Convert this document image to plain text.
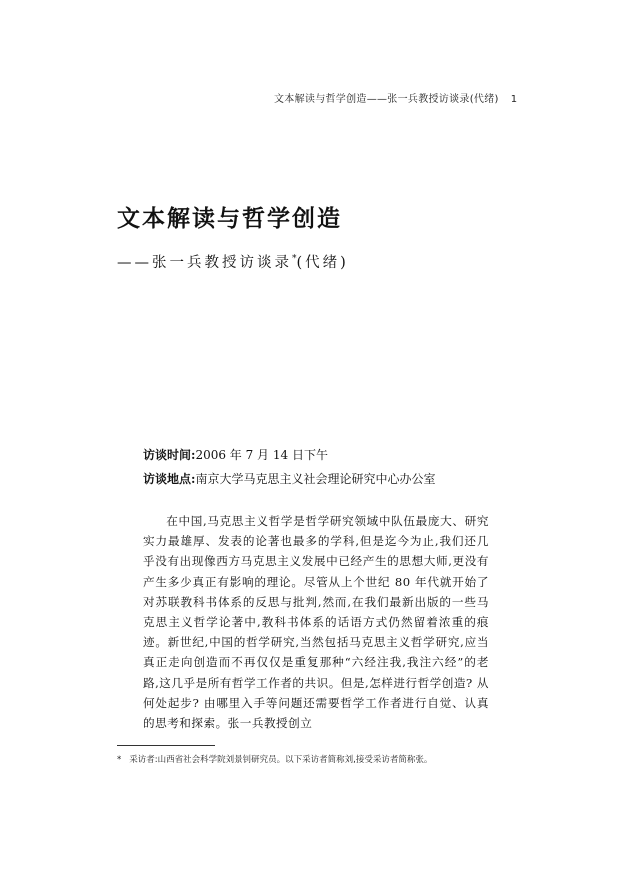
文本解读与哲学创造——张一兵教授访谈录(代绪) 1
文本解读与哲学创造
——张一兵教授访谈录*(代绪)
访谈时间:2006 年 7 月 14 日下午
访谈地点:南京大学马克思主义社会理论研究中心办公室

在中国,马克思主义哲学是哲学研究领域中队伍最庞大、研究实力最雄厚、发表的论著也最多的学科,但是迄今为止,我们还几乎没有出现像西方马克思主义发展中已经产生的思想大师,更没有产生多少真正有影响的理论。尽管从上个世纪 80 年代就开始了对苏联教科书体系的反思与批判,然而,在我们最新出版的一些马克思主义哲学论著中,教科书体系的话语方式仍然留着浓重的痕迹。新世纪,中国的哲学研究,当然包括马克思主义哲学研究,应当真正走向创造而不再仅仅是重复那种“六经注我,我注六经”的老路,这几乎是所有哲学工作者的共识。但是,怎样进行哲学创造? 从何处起步? 由哪里入手等问题还需要哲学工作者进行自觉、认真的思考和探索。张一兵教授创立

* 采访者:山西省社会科学院刘景钊研究员。以下采访者简称刘,接受采访者简称张。
